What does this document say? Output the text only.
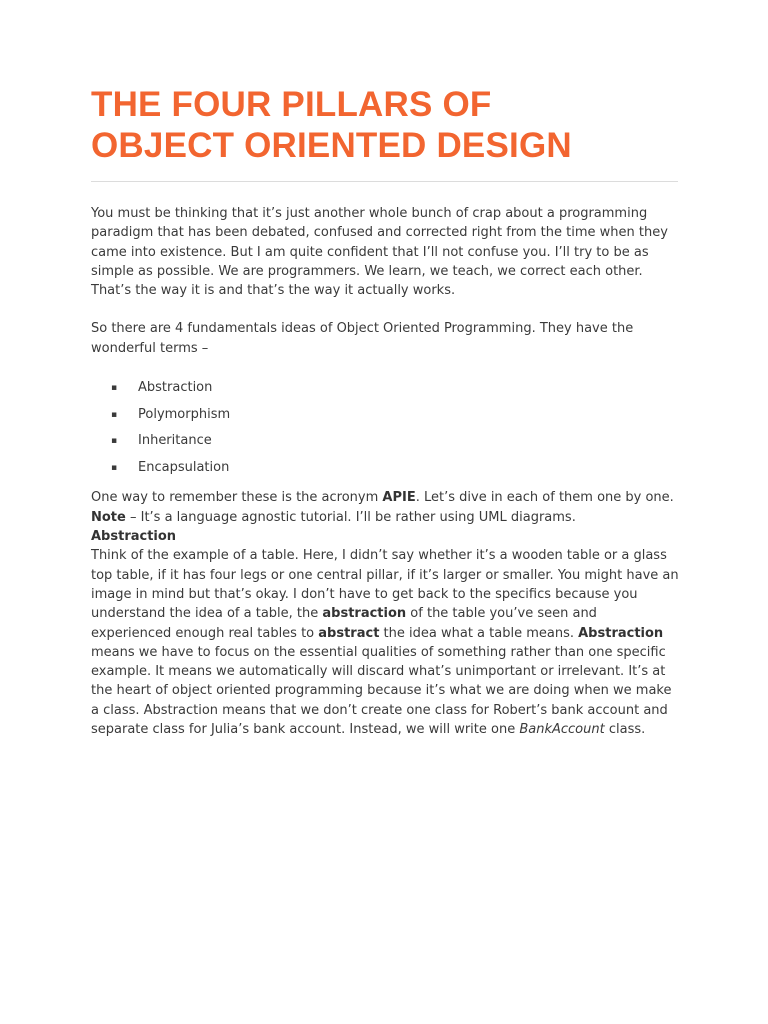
THE FOUR PILLARS OF
OBJECT ORIENTED DESIGN

You must be thinking that it’s just another whole bunch of crap about a programming paradigm that has been debated, confused and corrected right from the time when they came into existence. But I am quite confident that I’ll not confuse you. I’ll try to be as simple as possible. We are programmers. We learn, we teach, we correct each other. That’s the way it is and that’s the way it actually works.

So there are 4 fundamentals ideas of Object Oriented Programming. They have the wonderful terms –

▪ Abstraction
▪ Polymorphism
▪ Inheritance
▪ Encapsulation

One way to remember these is the acronym APIE. Let’s dive in each of them one by one.
Note – It’s a language agnostic tutorial. I’ll be rather using UML diagrams.
Abstraction
Think of the example of a table. Here, I didn’t say whether it’s a wooden table or a glass top table, if it has four legs or one central pillar, if it’s larger or smaller. You might have an image in mind but that’s okay. I don’t have to get back to the specifics because you understand the idea of a table, the abstraction of the table you’ve seen and experienced enough real tables to abstract the idea what a table means. Abstraction means we have to focus on the essential qualities of something rather than one specific example. It means we automatically will discard what’s unimportant or irrelevant. It’s at the heart of object oriented programming because it’s what we are doing when we make a class. Abstraction means that we don’t create one class for Robert’s bank account and separate class for Julia’s bank account. Instead, we will write one BankAccount class.
